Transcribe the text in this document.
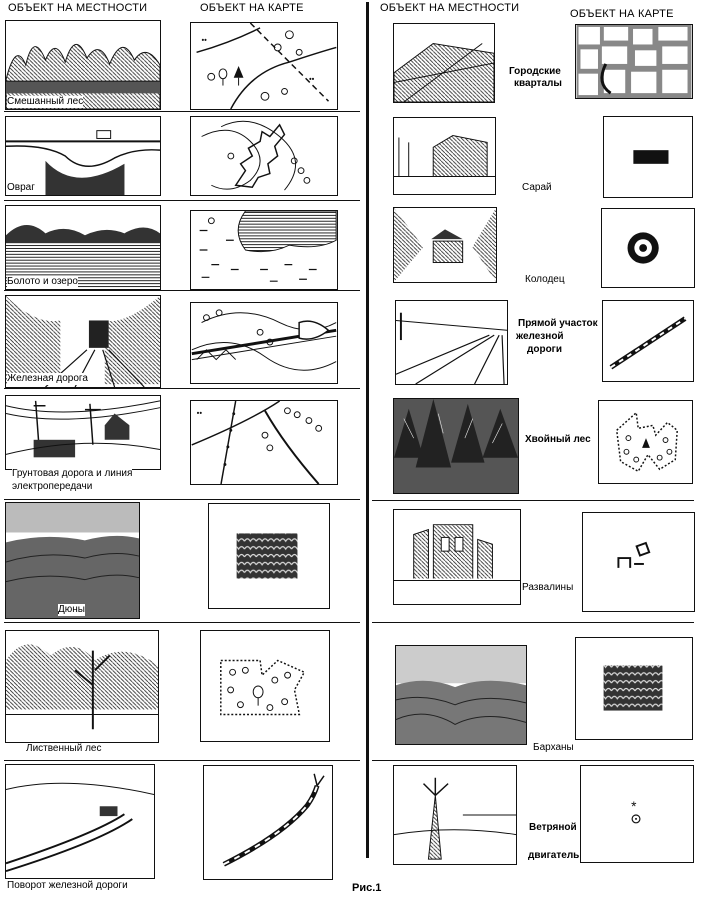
ОБЪЕКТ НА МЕСТНОСТИ	ОБЪЕКТ НА КАРТЕ	ОБЪЕКТ НА МЕСТНОСТИ	ОБЪЕКТ НА КАРТЕ
Смешанный лес
••
••
Овраг
Болото и озеро
Железная дорога
Грунтовая дорога и линия
электропередачи
••
Дюны
Лиственный лес
Поворот железной дороги
Городские
кварталы
Сарай
Колодец
Прямой участок
железной
дороги
Хвойный лес
Развалины
Барханы
Ветряной
двигатель
*
Рис.1
